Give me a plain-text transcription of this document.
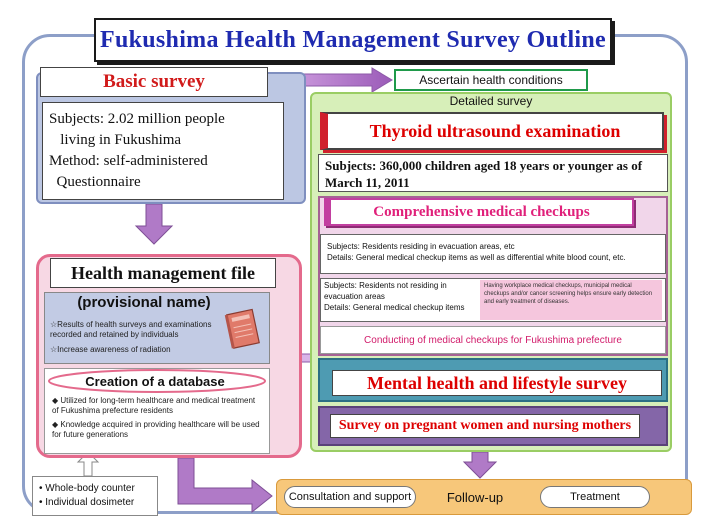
Fukushima Health Management Survey Outline
Basic survey
Subjects: 2.02 million people
living in Fukushima
Method: self-administered
Questionnaire
Ascertain health conditions
Detailed survey
Thyroid ultrasound examination
Subjects: 360,000 children aged 18 years or younger as of March 11, 2011
Comprehensive medical checkups
Subjects: Residents residing in evacuation areas, etc
Details: General medical checkup items as well as differential white blood count, etc.
Subjects: Residents not residing in evacuation areas
Details: General medical checkup items
Having workplace medical checkups, municipal medical checkups and/or cancer screening helps ensure early detection and early treatment of diseases.
Conducting of medical checkups for Fukushima prefecture
Mental health and lifestyle survey
Survey on pregnant women and nursing mothers
Health management file
(provisional name)
☆Results of health surveys and examinations recorded and retained by individuals
☆Increase awareness of radiation
Creation of a database
◆ Utilized for long-term healthcare and medical treatment of Fukushima prefecture residents
◆ Knowledge acquired in providing healthcare will be used for future generations
• Whole-body counter
• Individual dosimeter	Consultation and support	Follow-up	Treatment
